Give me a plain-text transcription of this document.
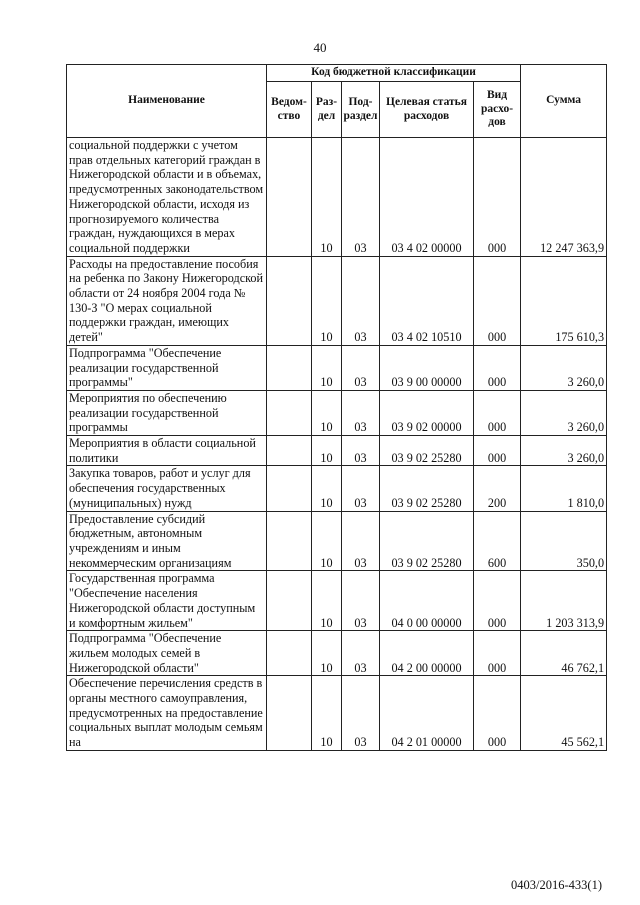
40
Наименование	Код бюджетной классификации					Сумма
	Ведом-ство	Раз-дел	Под-раздел	Целевая статья расходов	Вид расхо-дов	
социальной поддержки с учетом прав отдельных категорий граждан в Нижегородской области и в объемах, предусмотренных законодательством Нижегородской области, исходя из прогнозируемого количества граждан, нуждающихся в мерах социальной поддержки		10	03	03 4 02 00000	000	12 247 363,9
Расходы на предоставление пособия на ребенка по Закону Нижегородской области от 24 ноября 2004 года № 130-З "О мерах социальной поддержки граждан, имеющих детей"		10	03	03 4 02 10510	000	175 610,3
Подпрограмма "Обеспечение реализации государственной программы"		10	03	03 9 00 00000	000	3 260,0
Мероприятия по обеспечению реализации государственной программы		10	03	03 9 02 00000	000	3 260,0
Мероприятия в области социальной политики		10	03	03 9 02 25280	000	3 260,0
Закупка товаров, работ и услуг для обеспечения государственных (муниципальных) нужд		10	03	03 9 02 25280	200	1 810,0
Предоставление субсидий бюджетным, автономным учреждениям и иным некоммерческим организациям		10	03	03 9 02 25280	600	350,0
Государственная программа "Обеспечение населения Нижегородской области доступным и комфортным жильем"		10	03	04 0 00 00000	000	1 203 313,9
Подпрограмма "Обеспечение жильем молодых семей в Нижегородской области"		10	03	04 2 00 00000	000	46 762,1
Обеспечение перечисления средств в органы местного самоуправления, предусмотренных на предоставление социальных выплат молодым семьям на		10	03	04 2 01 00000	000	45 562,1
0403/2016-433(1)
